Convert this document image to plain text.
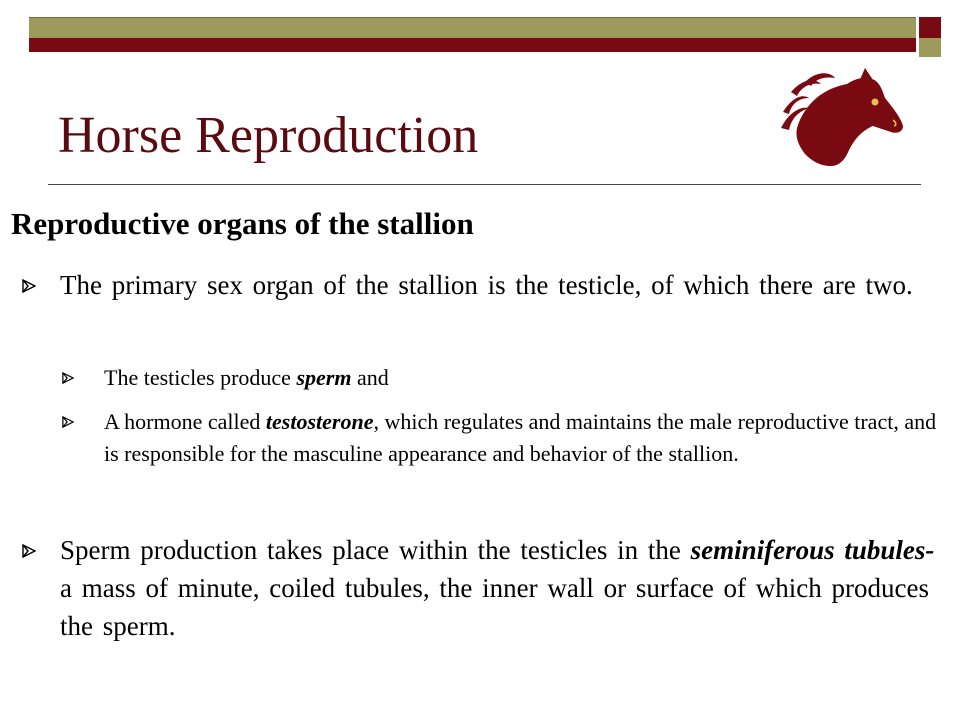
Horse Reproduction
Reproductive organs of the stallion
The primary sex organ of the stallion is the testicle, of which there are two.
The testicles produce sperm and
A hormone called testosterone, which regulates and maintains the male reproductive tract, and is responsible for the masculine appearance and behavior of the stallion.
Sperm production takes place within the testicles in the seminiferous tubules- a mass of minute, coiled tubules, the inner wall or surface of which produces the sperm.
